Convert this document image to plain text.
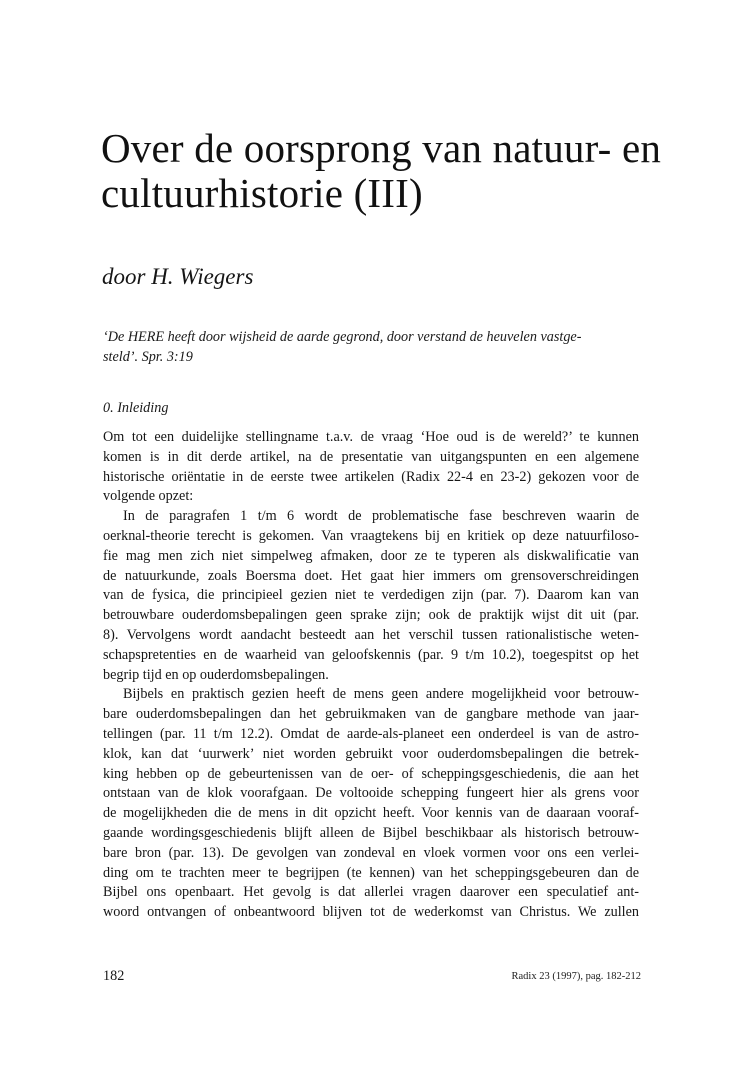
Over de oorsprong van natuur- en
cultuurhistorie (III)
door H. Wiegers

‘De HERE heeft door wijsheid de aarde gegrond, door verstand de heuvelen vastge-
steld’. Spr. 3:19

0. Inleiding
Om tot een duidelijke stellingname t.a.v. de vraag ‘Hoe oud is de wereld?’ te kunnen
komen is in dit derde artikel, na de presentatie van uitgangspunten en een algemene
historische oriëntatie in de eerste twee artikelen (Radix 22-4 en 23-2) gekozen voor de
volgende opzet:
In de paragrafen 1 t/m 6 wordt de problematische fase beschreven waarin de
oerknal-theorie terecht is gekomen. Van vraagtekens bij en kritiek op deze natuurfiloso-
fie mag men zich niet simpelweg afmaken, door ze te typeren als diskwalificatie van
de natuurkunde, zoals Boersma doet. Het gaat hier immers om grensoverschreidingen
van de fysica, die principieel gezien niet te verdedigen zijn (par. 7). Daarom kan van
betrouwbare ouderdomsbepalingen geen sprake zijn; ook de praktijk wijst dit uit (par.
8). Vervolgens wordt aandacht besteedt aan het verschil tussen rationalistische weten-
schapspretenties en de waarheid van geloofskennis (par. 9 t/m 10.2), toegespitst op het
begrip tijd en op ouderdomsbepalingen.
Bijbels en praktisch gezien heeft de mens geen andere mogelijkheid voor betrouw-
bare ouderdomsbepalingen dan het gebruikmaken van de gangbare methode van jaar-
tellingen (par. 11 t/m 12.2). Omdat de aarde-als-planeet een onderdeel is van de astro-
klok, kan dat ‘uurwerk’ niet worden gebruikt voor ouderdomsbepalingen die betrek-
king hebben op de gebeurtenissen van de oer- of scheppingsgeschiedenis, die aan het
ontstaan van de klok voorafgaan. De voltooide schepping fungeert hier als grens voor
de mogelijkheden die de mens in dit opzicht heeft. Voor kennis van de daaraan vooraf-
gaande wordingsgeschiedenis blijft alleen de Bijbel beschikbaar als historisch betrouw-
bare bron (par. 13). De gevolgen van zondeval en vloek vormen voor ons een verlei-
ding om te trachten meer te begrijpen (te kennen) van het scheppingsgebeuren dan de
Bijbel ons openbaart. Het gevolg is dat allerlei vragen daarover een speculatief ant-
woord ontvangen of onbeantwoord blijven tot de wederkomst van Christus. We zullen
182	Radix 23 (1997), pag. 182-212
